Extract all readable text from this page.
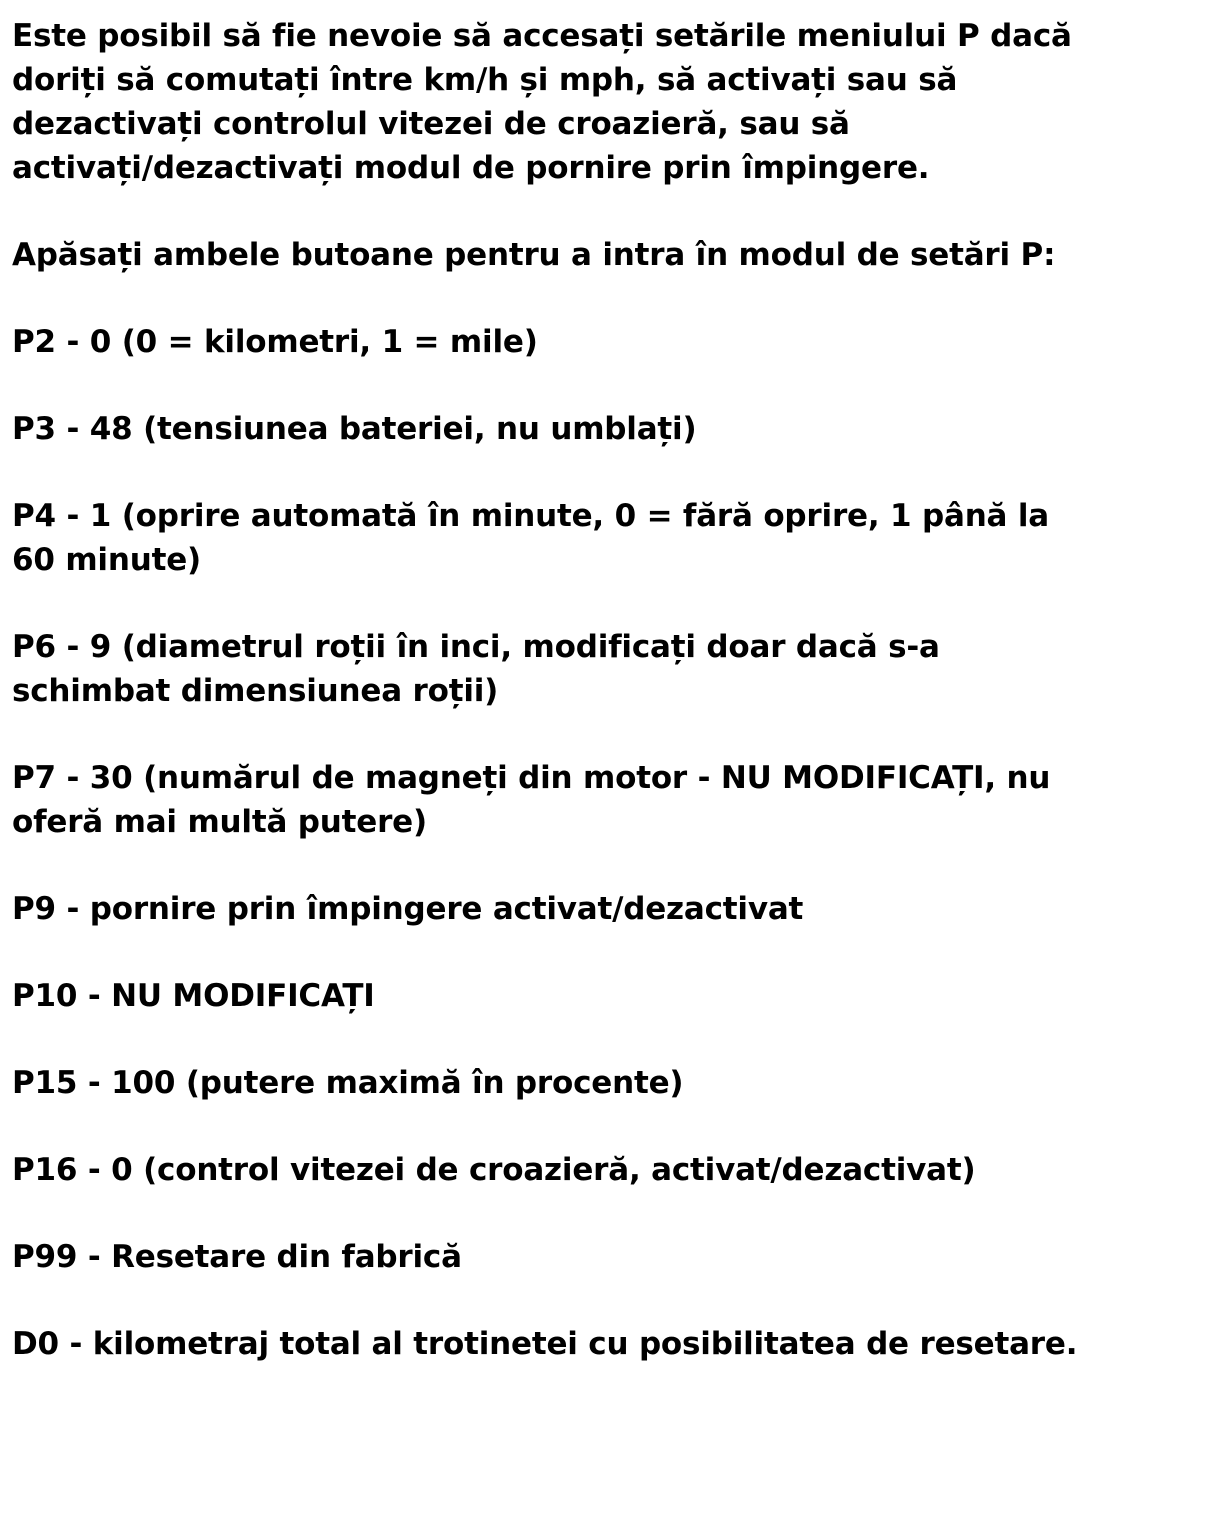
Este posibil să fie nevoie să accesați setările meniului P dacă doriți să comutați între km/h și mph, să activați sau să dezactivați controlul vitezei de croazieră, sau să activați/dezactivați modul de pornire prin împingere.

Apăsați ambele butoane pentru a intra în modul de setări P:

P2 - 0 (0 = kilometri, 1 = mile)

P3 - 48 (tensiunea bateriei, nu umblați)

P4 - 1 (oprire automată în minute, 0 = fără oprire, 1 până la 60 minute)

P6 - 9 (diametrul roții în inci, modificați doar dacă s-a schimbat dimensiunea roții)

P7 - 30 (numărul de magneți din motor - NU MODIFICAȚI, nu oferă mai multă putere)

P9 - pornire prin împingere activat/dezactivat

P10 - NU MODIFICAȚI

P15 - 100 (putere maximă în procente)

P16 - 0 (control vitezei de croazieră, activat/dezactivat)

P99 - Resetare din fabrică

D0 - kilometraj total al trotinetei cu posibilitatea de resetare.
